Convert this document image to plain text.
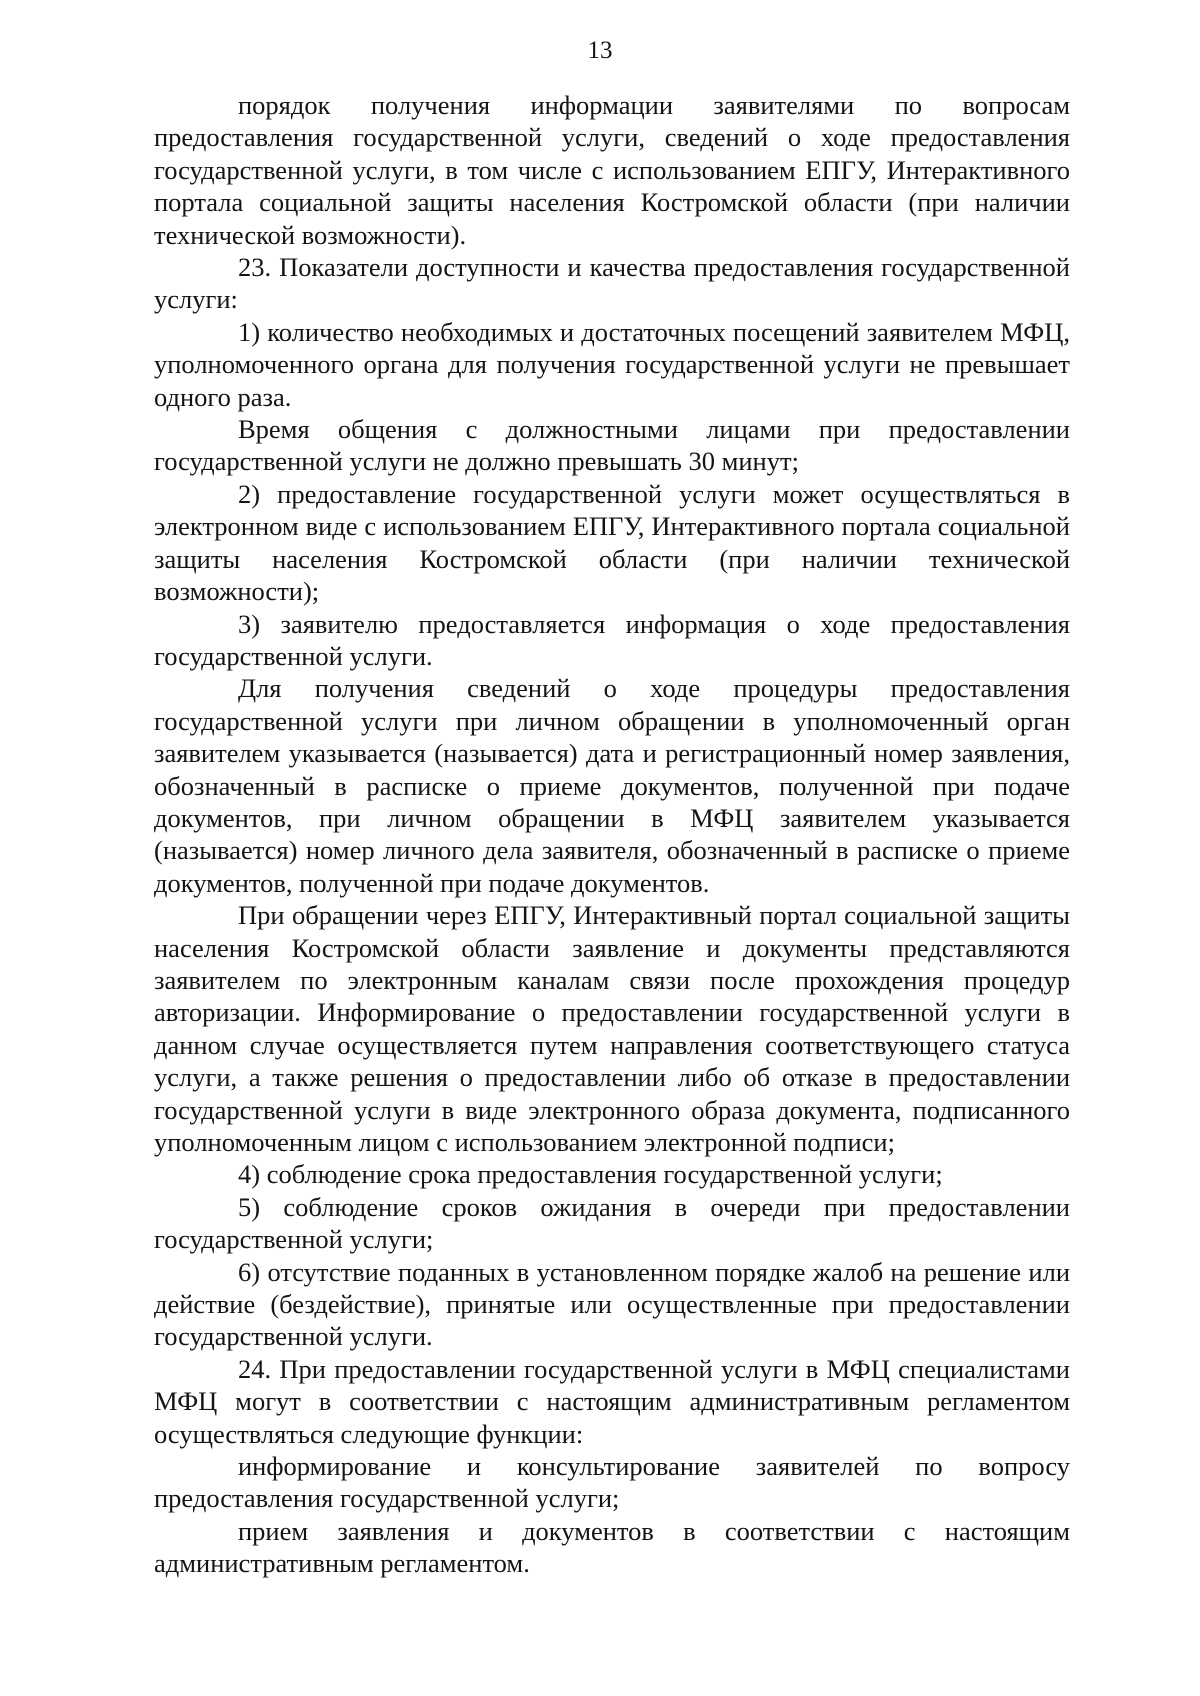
13

порядок получения информации заявителями по вопросам предоставления государственной услуги, сведений о ходе предоставления государственной услуги, в том числе с использованием ЕПГУ, Интерактивного портала социальной защиты населения Костромской области (при наличии технической возможности).

23. Показатели доступности и качества предоставления государственной услуги:

1) количество необходимых и достаточных посещений заявителем МФЦ, уполномоченного органа для получения государственной услуги не превышает одного раза.

Время общения с должностными лицами при предоставлении государственной услуги не должно превышать 30 минут;

2) предоставление государственной услуги может осуществляться в электронном виде с использованием ЕПГУ, Интерактивного портала социальной защиты населения Костромской области (при наличии технической возможности);

3) заявителю предоставляется информация о ходе предоставления государственной услуги.

Для получения сведений о ходе процедуры предоставления государственной услуги при личном обращении в уполномоченный орган заявителем указывается (называется) дата и регистрационный номер заявления, обозначенный в расписке о приеме документов, полученной при подаче документов, при личном обращении в МФЦ заявителем указывается (называется) номер личного дела заявителя, обозначенный в расписке о приеме документов, полученной при подаче документов.

При обращении через ЕПГУ, Интерактивный портал социальной защиты населения Костромской области заявление и документы представляются заявителем по электронным каналам связи после прохождения процедур авторизации. Информирование о предоставлении государственной услуги в данном случае осуществляется путем направления соответствующего статуса услуги, а также решения о предоставлении либо об отказе в предоставлении государственной услуги в виде электронного образа документа, подписанного уполномоченным лицом с использованием электронной подписи;

4) соблюдение срока предоставления государственной услуги;

5) соблюдение сроков ожидания в очереди при предоставлении государственной услуги;

6) отсутствие поданных в установленном порядке жалоб на решение или действие (бездействие), принятые или осуществленные при предоставлении государственной услуги.

24. При предоставлении государственной услуги в МФЦ специалистами МФЦ могут в соответствии с настоящим административным регламентом осуществляться следующие функции:

информирование и консультирование заявителей по вопросу предоставления государственной услуги;

прием заявления и документов в соответствии с настоящим административным регламентом.
